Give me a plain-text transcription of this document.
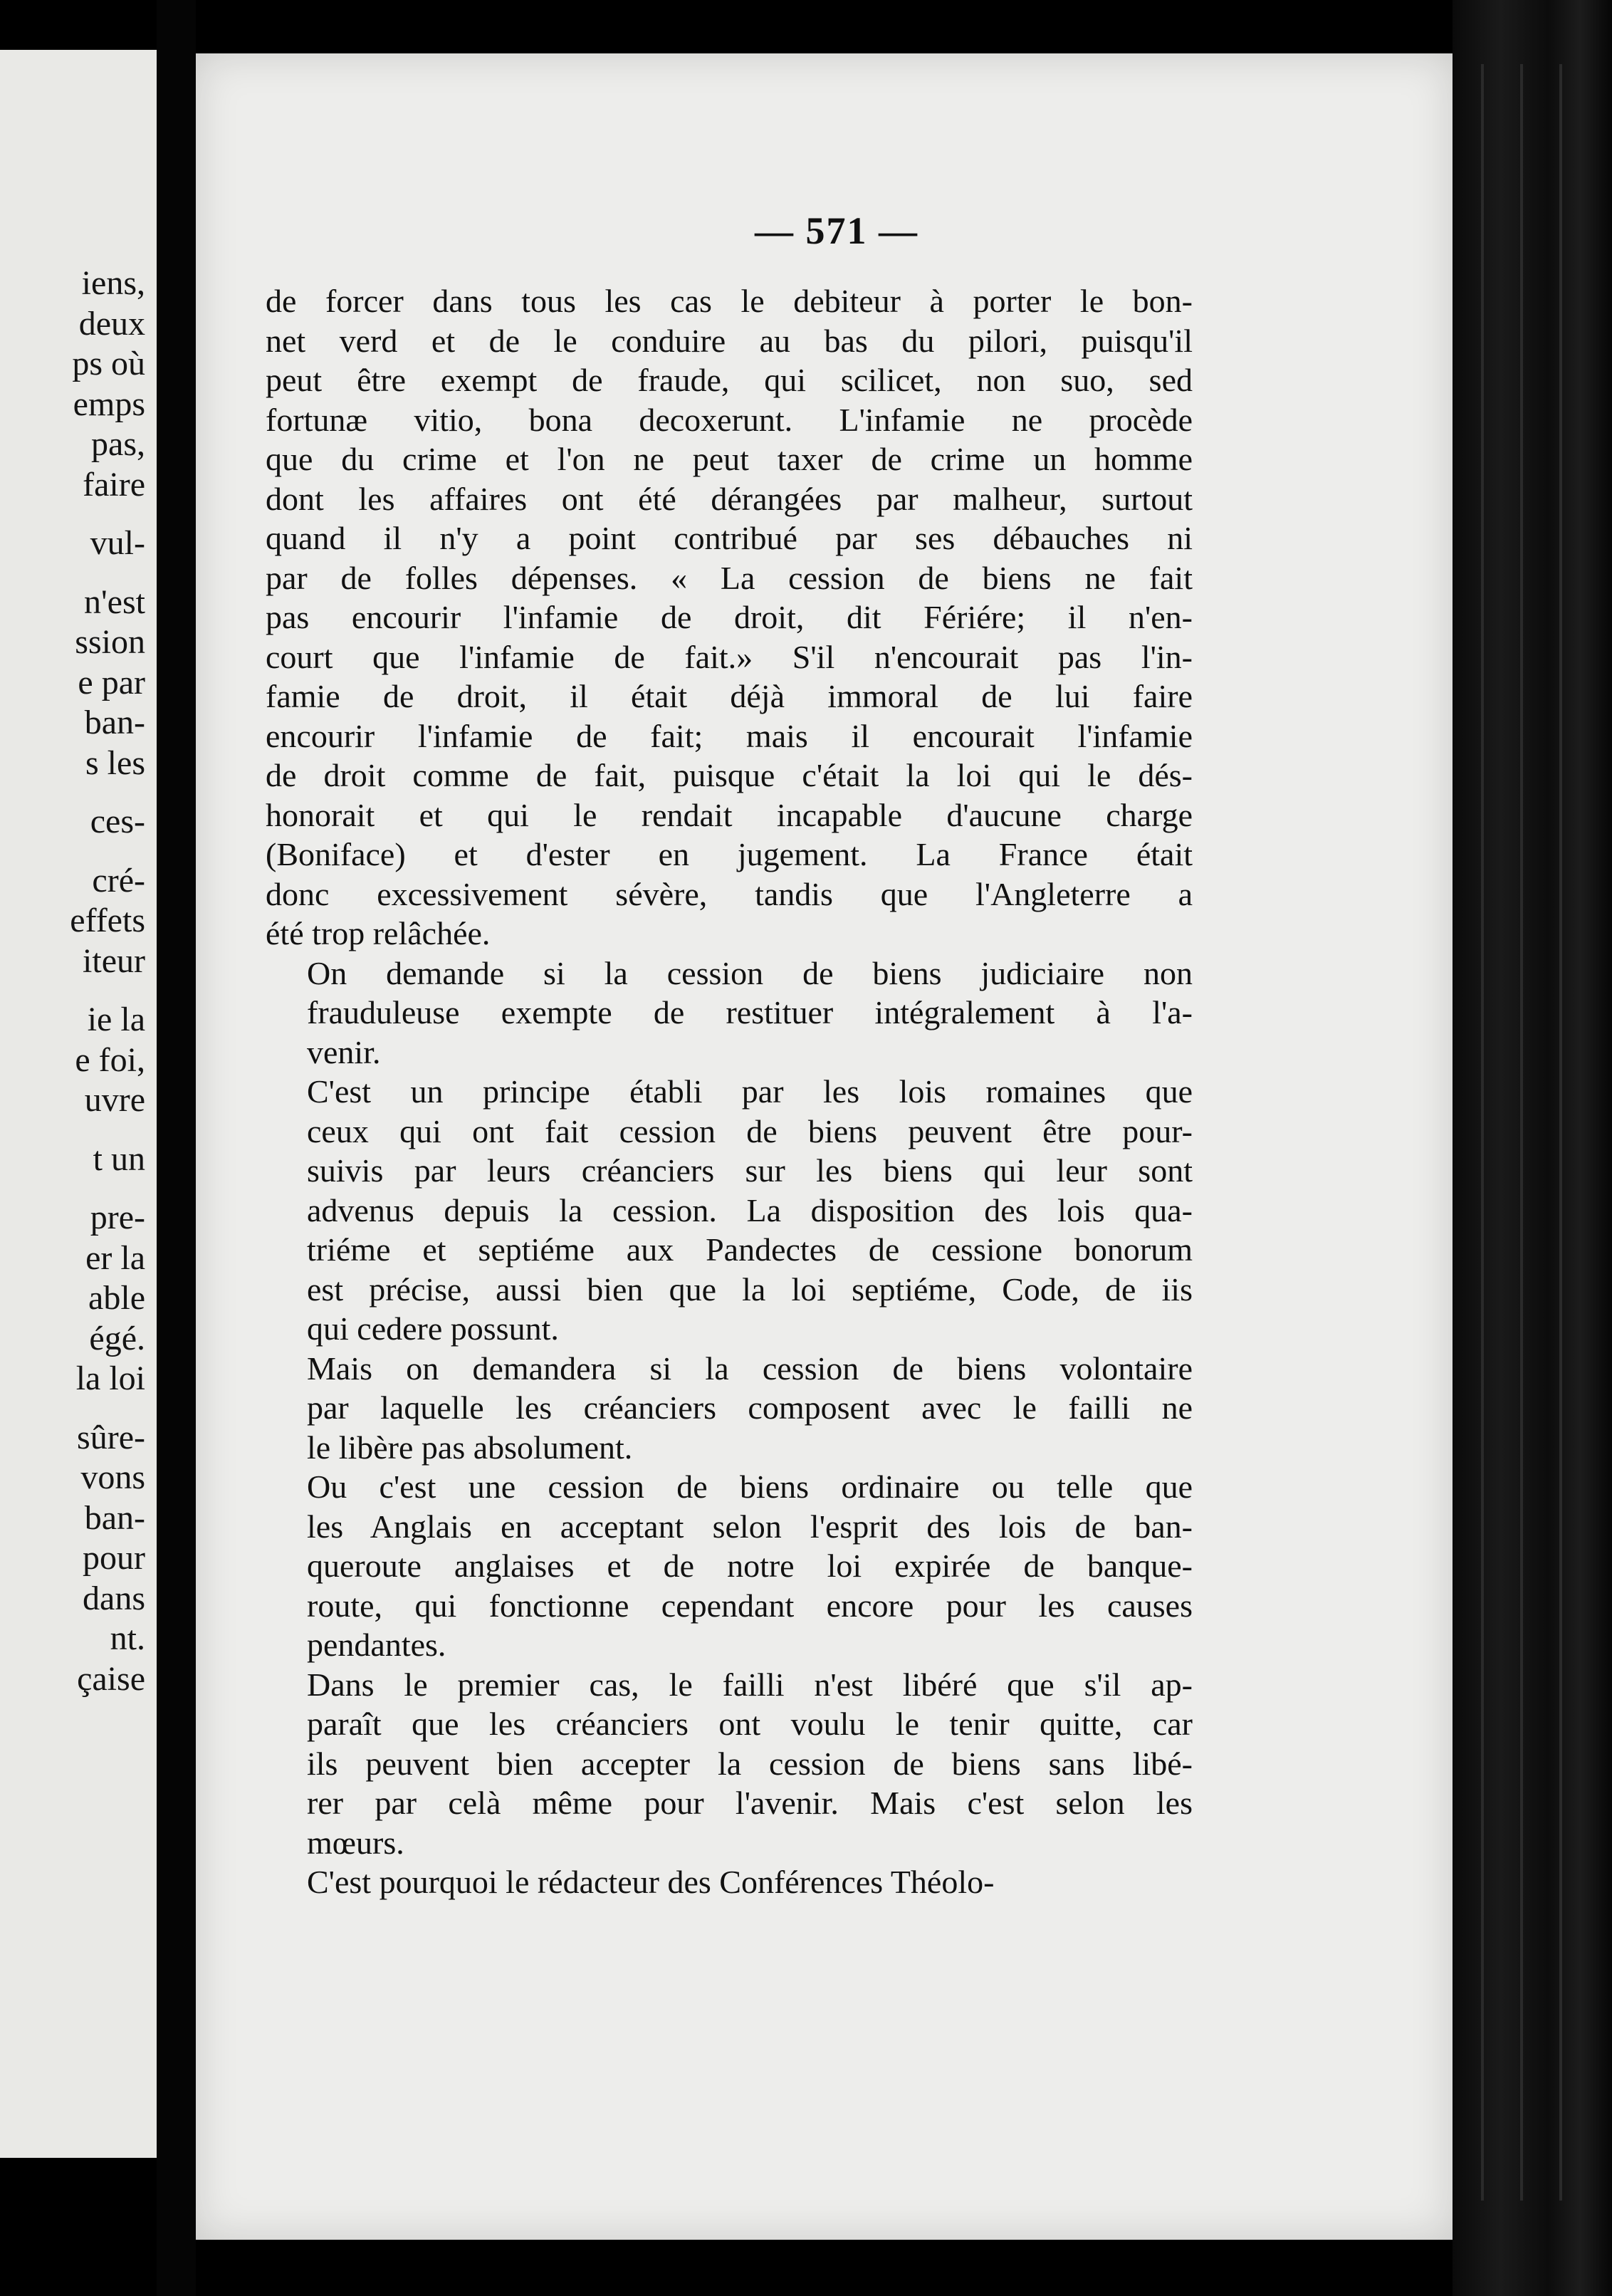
iens,
deux
ps où
emps
pas,
faire
vul-
n'est
ssion
e par
ban-
s les
ces-
cré-
effets
iteur
ie la
e foi,
uvre
t un
pre-
er la
able
égé.
la loi
sûre-
vons
ban-
pour
dans
nt.
çaise
— 571 —
de forcer dans tous les cas le debiteur à porter le bon-
net verd et de le conduire au bas du pilori, puisqu'il
peut être exempt de fraude, qui scilicet, non suo, sed
fortunæ vitio, bona decoxerunt. L'infamie ne procède
que du crime et l'on ne peut taxer de crime un homme
dont les affaires ont été dérangées par malheur, surtout
quand il n'y a point contribué par ses débauches ni
par de folles dépenses. « La cession de biens ne fait
pas encourir l'infamie de droit, dit Fériére; il n'en-
court que l'infamie de fait.» S'il n'encourait pas l'in-
famie de droit, il était déjà immoral de lui faire
encourir l'infamie de fait; mais il encourait l'infamie
de droit comme de fait, puisque c'était la loi qui le dés-
honorait et qui le rendait incapable d'aucune charge
(Boniface) et d'ester en jugement. La France était
donc excessivement sévère, tandis que l'Angleterre a
été trop relâchée.
On demande si la cession de biens judiciaire non
frauduleuse exempte de restituer intégralement à l'a-
venir.
C'est un principe établi par les lois romaines que
ceux qui ont fait cession de biens peuvent être pour-
suivis par leurs créanciers sur les biens qui leur sont
advenus depuis la cession. La disposition des lois qua-
triéme et septiéme aux Pandectes de cessione bonorum
est précise, aussi bien que la loi septiéme, Code, de iis
qui cedere possunt.
Mais on demandera si la cession de biens volontaire
par laquelle les créanciers composent avec le failli ne
le libère pas absolument.
Ou c'est une cession de biens ordinaire ou telle que
les Anglais en acceptant selon l'esprit des lois de ban-
queroute anglaises et de notre loi expirée de banque-
route, qui fonctionne cependant encore pour les causes
pendantes.
Dans le premier cas, le failli n'est libéré que s'il ap-
paraît que les créanciers ont voulu le tenir quitte, car
ils peuvent bien accepter la cession de biens sans libé-
rer par celà même pour l'avenir. Mais c'est selon les
mœurs.
C'est pourquoi le rédacteur des Conférences Théolo-
